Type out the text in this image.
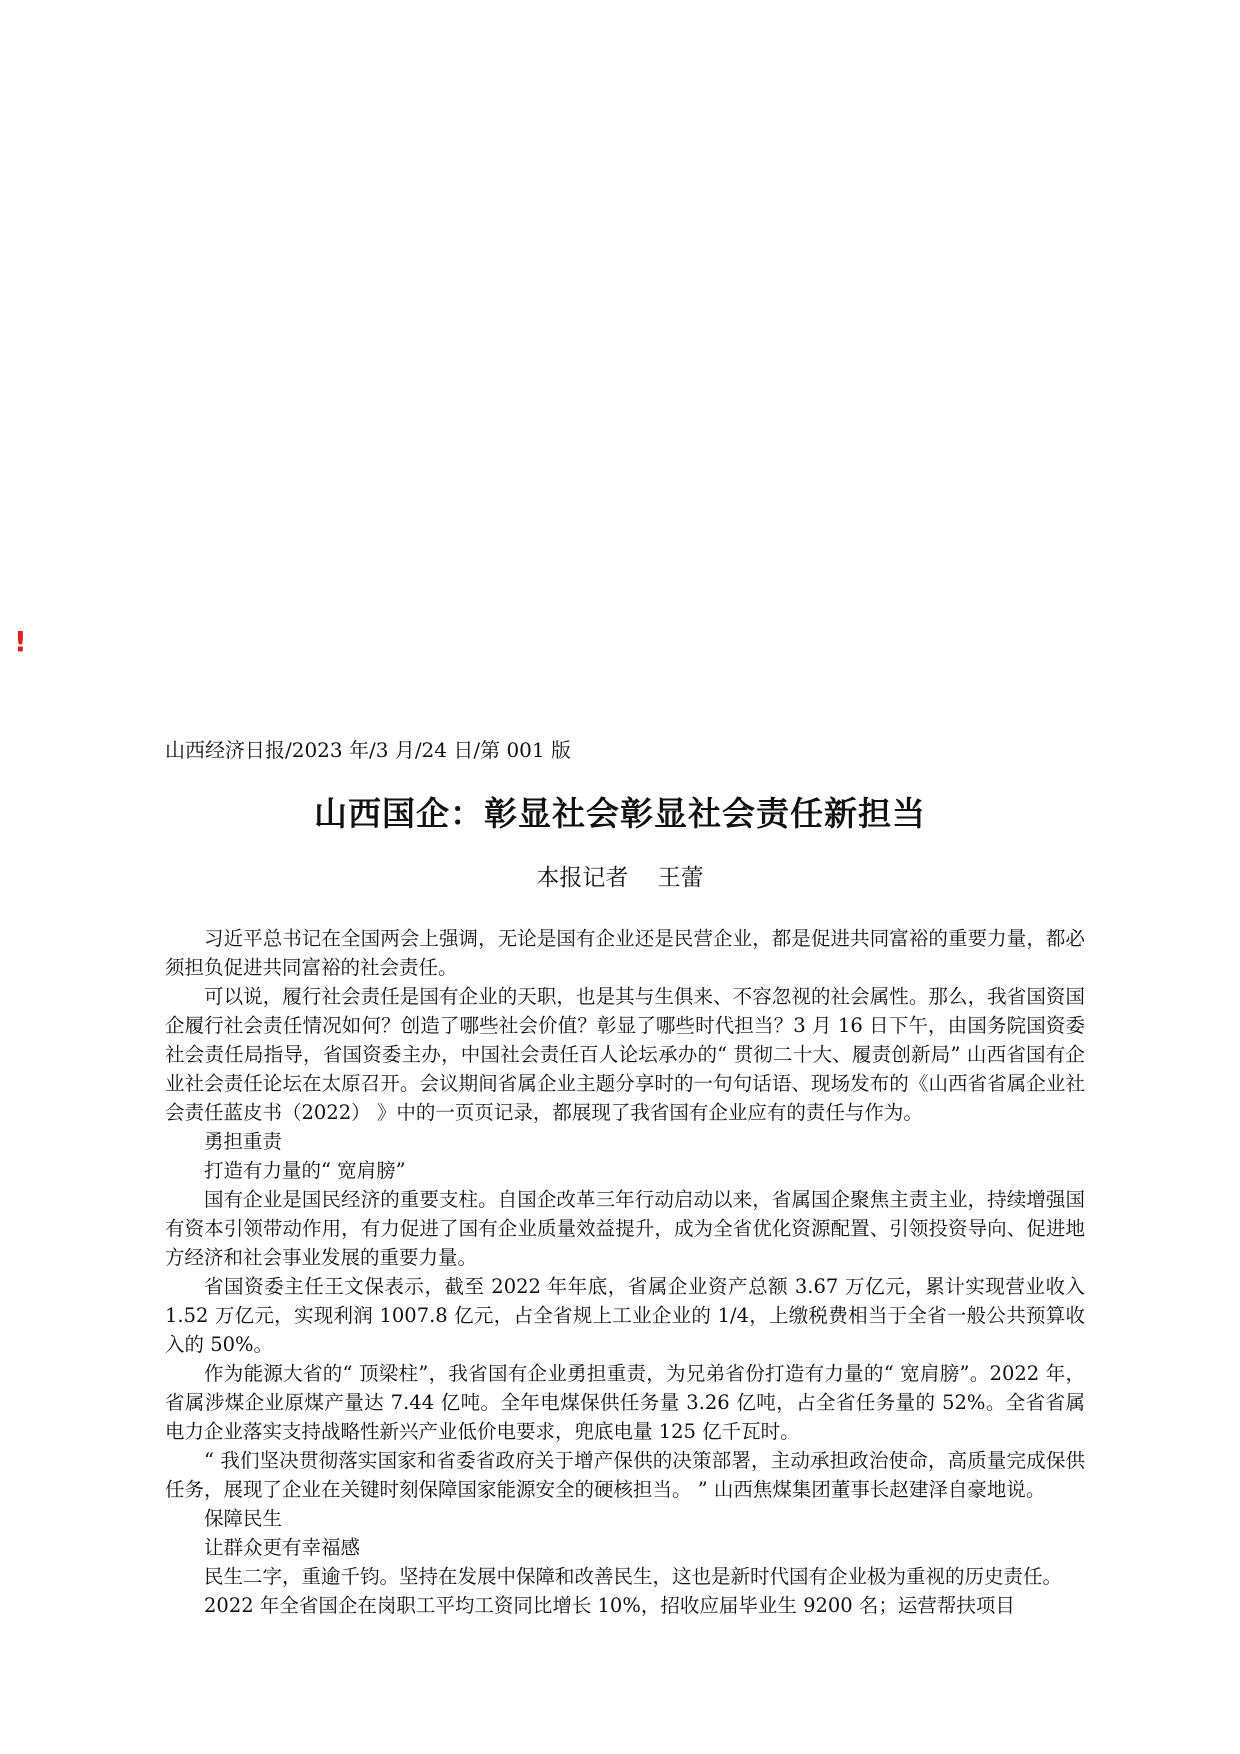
!
山西经济日报/2023 年/3 月/24 日/第 001 版
山西国企：彰显社会彰显社会责任新担当
本报记者    王蕾

习近平总书记在全国两会上强调，无论是国有企业还是民营企业，都是促进共同富裕的重要力量，都必须担负促进共同富裕的社会责任。

可以说，履行社会责任是国有企业的天职，也是其与生俱来、不容忽视的社会属性。那么，我省国资国企履行社会责任情况如何？创造了哪些社会价值？彰显了哪些时代担当？3 月 16 日下午，由国务院国资委社会责任局指导，省国资委主办，中国社会责任百人论坛承办的“ 贯彻二十大、履责创新局” 山西省国有企业社会责任论坛在太原召开。会议期间省属企业主题分享时的一句句话语、现场发布的《山西省省属企业社会责任蓝皮书（2022） 》中的一页页记录，都展现了我省国有企业应有的责任与作为。

勇担重责

打造有力量的“ 宽肩膀”

国有企业是国民经济的重要支柱。自国企改革三年行动启动以来，省属国企聚焦主责主业，持续增强国有资本引领带动作用，有力促进了国有企业质量效益提升，成为全省优化资源配置、引领投资导向、促进地方经济和社会事业发展的重要力量。

省国资委主任王文保表示，截至 2022 年年底，省属企业资产总额 3.67 万亿元，累计实现营业收入 1.52 万亿元，实现利润 1007.8 亿元，占全省规上工业企业的 1/4，上缴税费相当于全省一般公共预算收入的 50%。

作为能源大省的“ 顶梁柱”，我省国有企业勇担重责，为兄弟省份打造有力量的“ 宽肩膀”。2022 年，省属涉煤企业原煤产量达 7.44 亿吨。全年电煤保供任务量 3.26 亿吨，占全省任务量的 52%。全省省属电力企业落实支持战略性新兴产业低价电要求，兜底电量 125 亿千瓦时。

“ 我们坚决贯彻落实国家和省委省政府关于增产保供的决策部署，主动承担政治使命，高质量完成保供任务，展现了企业在关键时刻保障国家能源安全的硬核担当。 ” 山西焦煤集团董事长赵建泽自豪地说。

保障民生

让群众更有幸福感

民生二字，重逾千钧。坚持在发展中保障和改善民生，这也是新时代国有企业极为重视的历史责任。

2022 年全省国企在岗职工平均工资同比增长 10%，招收应届毕业生 9200 名；运营帮扶项目
